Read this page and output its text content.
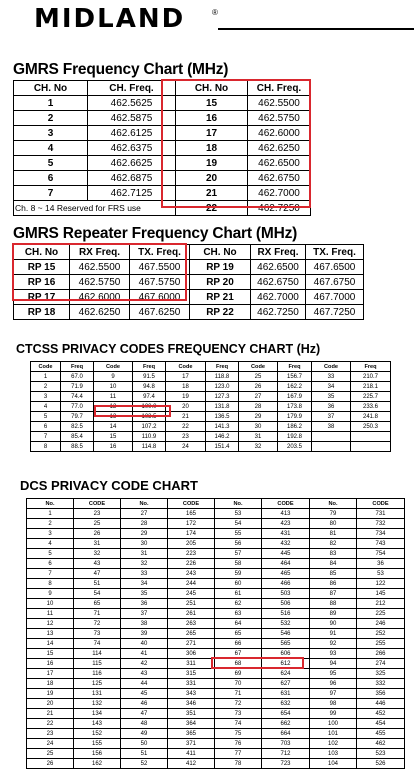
MIDLAND	®
GMRS Frequency Chart (MHz)
CH. No	CH. Freq.	CH. No	CH. Freq.
1	462.5625	15	462.5500
2	462.5875	16	462.5750
3	462.6125	17	462.6000
4	462.6375	18	462.6250
5	462.6625	19	462.6500
6	462.6875	20	462.6750
7	462.7125	21	462.7000
Ch. 8 ~ 14 Reserved for FRS use		22	462.7250
GMRS Repeater Frequency Chart (MHz)
CH. No	RX Freq.	TX. Freq.	CH. No	RX Freq.	TX. Freq.
RP 15	462.5500	467.5500	RP 19	462.6500	467.6500
RP 16	462.5750	467.5750	RP 20	462.6750	467.6750
RP 17	462.6000	467.6000	RP 21	462.7000	467.7000
RP 18	462.6250	467.6250	RP 22	462.7250	467.7250
CTCSS PRIVACY CODES FREQUENCY CHART (Hz)
Code	Freq	Code	Freq	Code	Freq	Code	Freq	Code	Freq
1	67.0	9	91.5	17	118.8	25	156.7	33	210.7
2	71.9	10	94.8	18	123.0	26	162.2	34	218.1
3	74.4	11	97.4	19	127.3	27	167.9	35	225.7
4	77.0	12	100.0	20	131.8	28	173.8	36	233.6
5	79.7	13	103.5	21	136.5	29	179.9	37	241.8
6	82.5	14	107.2	22	141.3	30	186.2	38	250.3
7	85.4	15	110.9	23	146.2	31	192.8		
8	88.5	16	114.8	24	151.4	32	203.5		
DCS PRIVACY CODE CHART
No.	CODE	No.	CODE	No.	CODE	No.	CODE
1	23	27	165	53	413	79	731
2	25	28	172	54	423	80	732
3	26	29	174	55	431	81	734
4	31	30	205	56	432	82	743
5	32	31	223	57	445	83	754
6	43	32	226	58	464	84	36
7	47	33	243	59	465	85	53
8	51	34	244	60	466	86	122
9	54	35	245	61	503	87	145
10	65	36	251	62	506	88	212
11	71	37	261	63	516	89	225
12	72	38	263	64	532	90	246
13	73	39	265	65	546	91	252
14	74	40	271	66	565	92	255
15	114	41	306	67	606	93	266
16	115	42	311	68	612	94	274
17	116	43	315	69	624	95	325
18	125	44	331	70	627	96	332
19	131	45	343	71	631	97	356
20	132	46	346	72	632	98	446
21	134	47	351	73	654	99	452
22	143	48	364	74	662	100	454
23	152	49	365	75	664	101	455
24	155	50	371	76	703	102	462
25	156	51	411	77	712	103	523
26	162	52	412	78	723	104	526
